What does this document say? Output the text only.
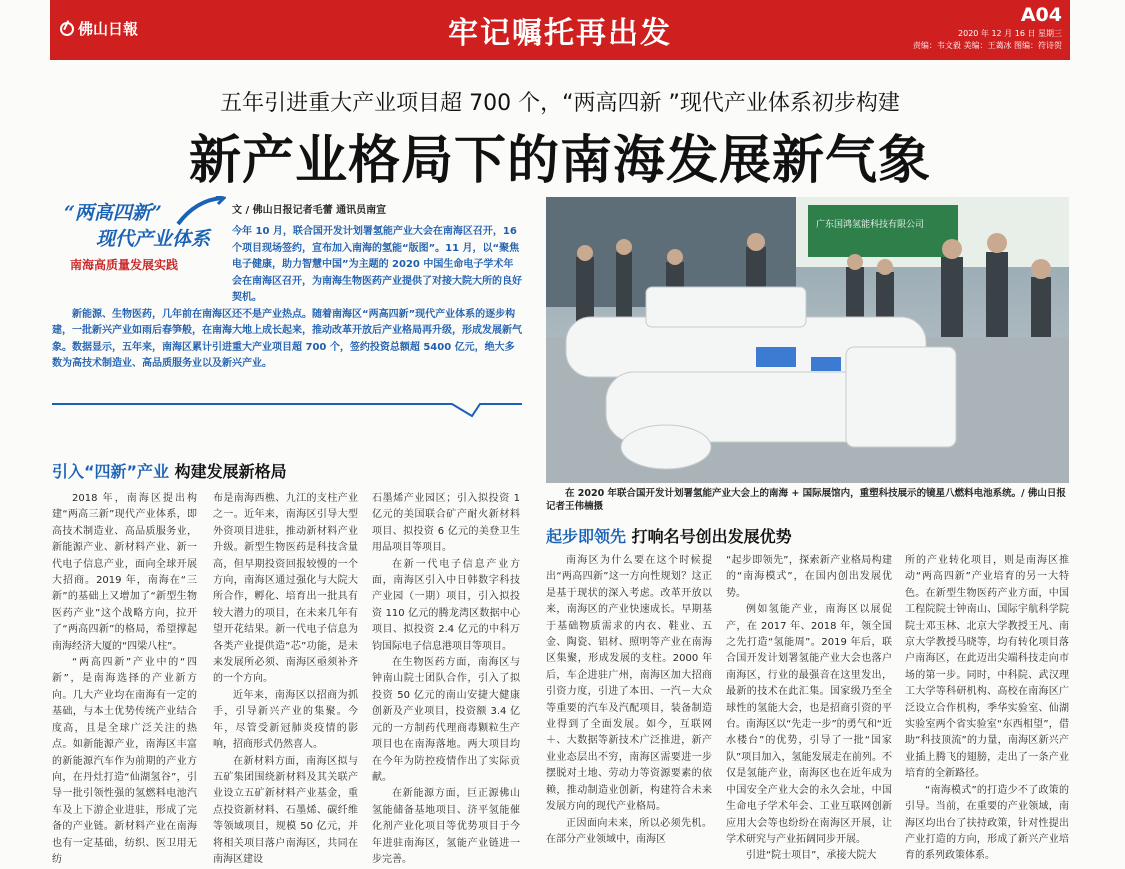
佛山日報	牢记嘱托再出发
A04
2020 年 12 月 16 日 星期三
责编：韦文毅 美编：王蔼冰 图编：符诗贺
五年引进重大产业项目超 700 个，“两高四新 ”现代产业体系初步构建
新产业格局下的南海发展新气象
“两高四新”
现代产业体系
南海高质量发展实践
文 / 佛山日报记者毛蕾 通讯员南宣

今年 10 月，联合国开发计划署氢能产业大会在南海区召开，16 个项目现场签约，宣布加入南海的氢能“版图”。11 月，以“聚焦电子健康，助力智慧中国”为主题的 2020 中国生命电子学术年会在南海区召开，为南海生物医药产业提供了对接大院大所的良好契机。

新能源、生物医药，几年前在南海区还不是产业热点。随着南海区“两高四新”现代产业体系的逐步构建，一批新兴产业如雨后春笋般，在南海大地上成长起来，推动改革开放后产业格局再升级，形成发展新气象。数据显示，五年来，南海区累计引进重大产业项目超 700 个，签约投资总额超 5400 亿元，绝大多数为高技术制造业、高品质服务业以及新兴产业。

广东国鸿氢能科技有限公司
在 2020 年联合国开发计划署氢能产业大会上的南海 + 国际展馆内，重塑科技展示的镜星八燃料电池系统。/ 佛山日报记者王伟楠摄
引入“四新”产业 构建发展新格局

2018 年，南海区提出构建“两高三新”现代产业体系，即高技术制造业、高品质服务业，新能源产业、新材料产业、新一代电子信息产业，面向全球开展大招商。2019 年，南海在“三新”的基础上又增加了“新型生物医药产业”这个战略方向，拉开了“两高四新”的格局，希望撑起南海经济大厦的“四梁八柱”。

“两高四新”产业中的“四新”，是南海选择的产业新方向。几大产业均在南海有一定的基础，与本土优势传统产业结合度高，且是全球广泛关注的热点。如新能源产业，南海区丰富的新能源汽车作为前期的产业方向，在丹灶打造“仙湖氢谷”，引导一批引领性强的氢燃料电池汽车及上下游企业进驻，形成了完备的产业链。新材料产业在南海也有一定基础，纺织、医卫用无纺

布是南海西樵、九江的支柱产业之一。近年来，南海区引导大型外资项目进驻，推动新材料产业升级。新型生物医药是科技含量高，但早期投资回报较慢的一个方向，南海区通过强化与大院大所合作，孵化、培育出一批具有较大潜力的项目，在未来几年有望开花结果。新一代电子信息为各类产业提供造“芯”功能，是未来发展所必须、南海区亟须补齐的一个方向。

近年来，南海区以招商为抓手，引导新兴产业的集聚。今年，尽管受新冠肺炎疫情的影响，招商形式仍然喜人。

在新材料方面，南海区拟与五矿集团围绕新材料及其关联产业设立五矿新材料产业基金，重点投资新材料、石墨烯、碳纤维等领域项目，规模 50 亿元，并将相关项目落户南海区，共同在南海区建设

石墨烯产业园区；引入拟投资 1 亿元的美国联合矿产耐火新材料项目、拟投资 6 亿元的美登卫生用品项目等项目。

在新一代电子信息产业方面，南海区引入中日韩数字科技产业园（一期）项目，引入拟投资 110 亿元的腾龙湾区数据中心项目、拟投资 2.4 亿元的中科万钧国际电子信息港项目等项目。

在生物医药方面，南海区与钟南山院士团队合作，引入了拟投资 50 亿元的南山安捷大健康创新及产业项目，投资额 3.4 亿元的一方制药代理商毒颗粒生产项目也在南海落地。两大项目均在今年为防控疫情作出了实际贡献。

在新能源方面，巨正源佛山氢能储备基地项目、济平氢能催化剂产业化项目等优势项目于今年进驻南海区，氢能产业链进一步完善。

起步即领先 打响名号创出发展优势

南海区为什么要在这个时候提出“两高四新”这一方向性规划？这正是基于现状的深入考虑。改革开放以来，南海区的产业快速成长。早期基于基础物质需求的内衣、鞋业、五金、陶瓷、铝材、照明等产业在南海区集聚，形成发展的支柱。2000 年后，车企进驻广州，南海区加大招商引资力度，引进了本田、一汽－大众等重要的汽车及汽配项目，装备制造业得到了全面发展。如今，互联网＋、大数据等新技术广泛推进，新产业业态层出不穷，南海区需要进一步摆脱对土地、劳动力等资源要素的依赖，推动制造业创新，构建符合未来发展方向的现代产业格局。

正因面向未来，所以必须先机。在部分产业领域中，南海区

“起步即领先”，探索新产业格局构建的“南海模式”，在国内创出发展优势。

例如氢能产业，南海区以展促产，在 2017 年、2018 年，领全国之先打造“氢能周”。2019 年后，联合国开发计划署氢能产业大会也落户南海区，行业的最强音在这里发出，最新的技术在此汇集。国家级乃至全球性的氢能大会，也是招商引资的平台。南海区以“先走一步”的勇气和“近水楼台”的优势，引导了一批“国家队”项目加入，氢能发展走在前列。不仅是氢能产业，南海区也在近年成为中国安全产业大会的永久会址，中国生命电子学术年会、工业互联网创新应用大会等也纷纷在南海区开展，让学术研究与产业拓阔同步开展。

引进“院士项目”，承接大院大

所的产业转化项目，则是南海区推动“两高四新”产业培育的另一大特色。在新型生物医药产业方面，中国工程院院士钟南山、国际宇航科学院院士邓玉林、北京大学教授王凡、南京大学教授马晓等，均有转化项目落户南海区，在此迈出尖端科技走向市场的第一步。同时，中科院、武汉理工大学等科研机构、高校在南海区广泛设立合作机构，季华实验室、仙湖实验室两个省实验室“东西相望”，借助“科技顶流”的力量，南海区新兴产业插上腾飞的翅膀，走出了一条产业培育的全新路径。

“南海模式”的打造少不了政策的引导。当前，在重要的产业领域，南海区均出台了扶持政策，针对性提出产业打造的方向，形成了新兴产业培育的系列政策体系。
